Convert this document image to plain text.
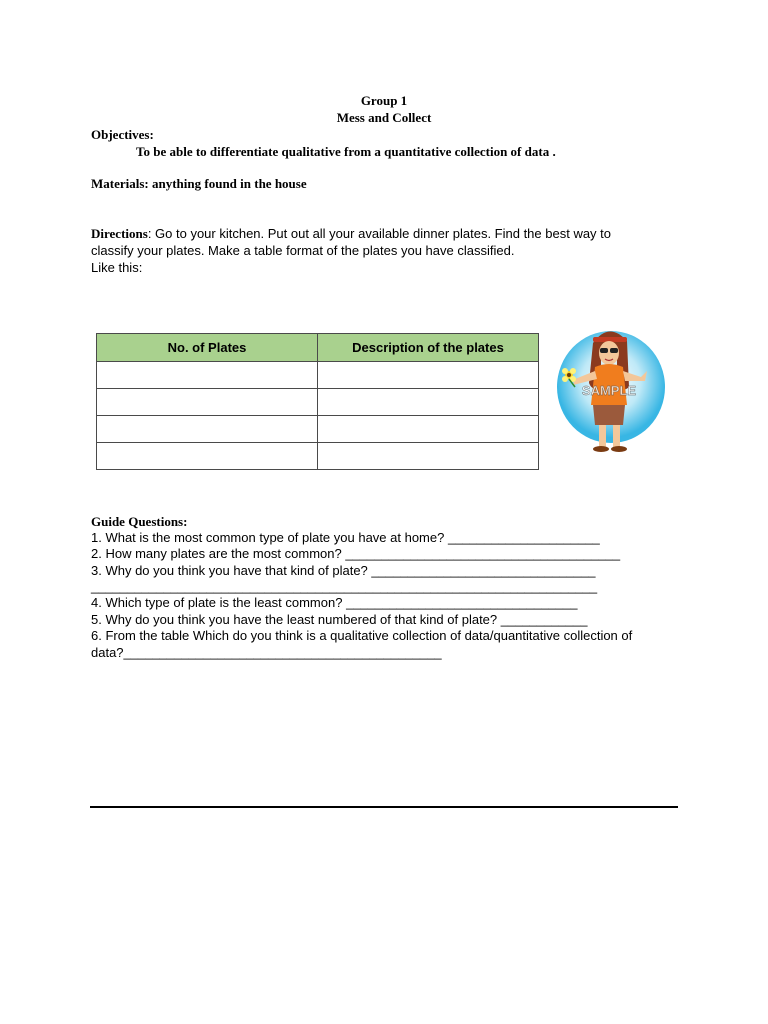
Group 1
Mess and Collect
Objectives:
To be able to differentiate qualitative from a quantitative collection of data .
Materials: anything found in the house
Directions: Go to your kitchen. Put out all your available dinner plates. Find the best way to
classify your plates. Make a table format of the plates you have classified.
Like this:
No. of Plates	Description of the plates

SAMPLE
Guide Questions:
1. What is the most common type of plate you have at home? _____________________
2. How many plates are the most common? ______________________________________
3. Why do you think you have that kind of plate? _______________________________
______________________________________________________________________
4. Which type of plate is the least common? ________________________________
5. Why do you think you have the least numbered of that kind of plate? ____________
6. From the table Which do you think is a qualitative collection of data/quantitative collection of
data?____________________________________________
